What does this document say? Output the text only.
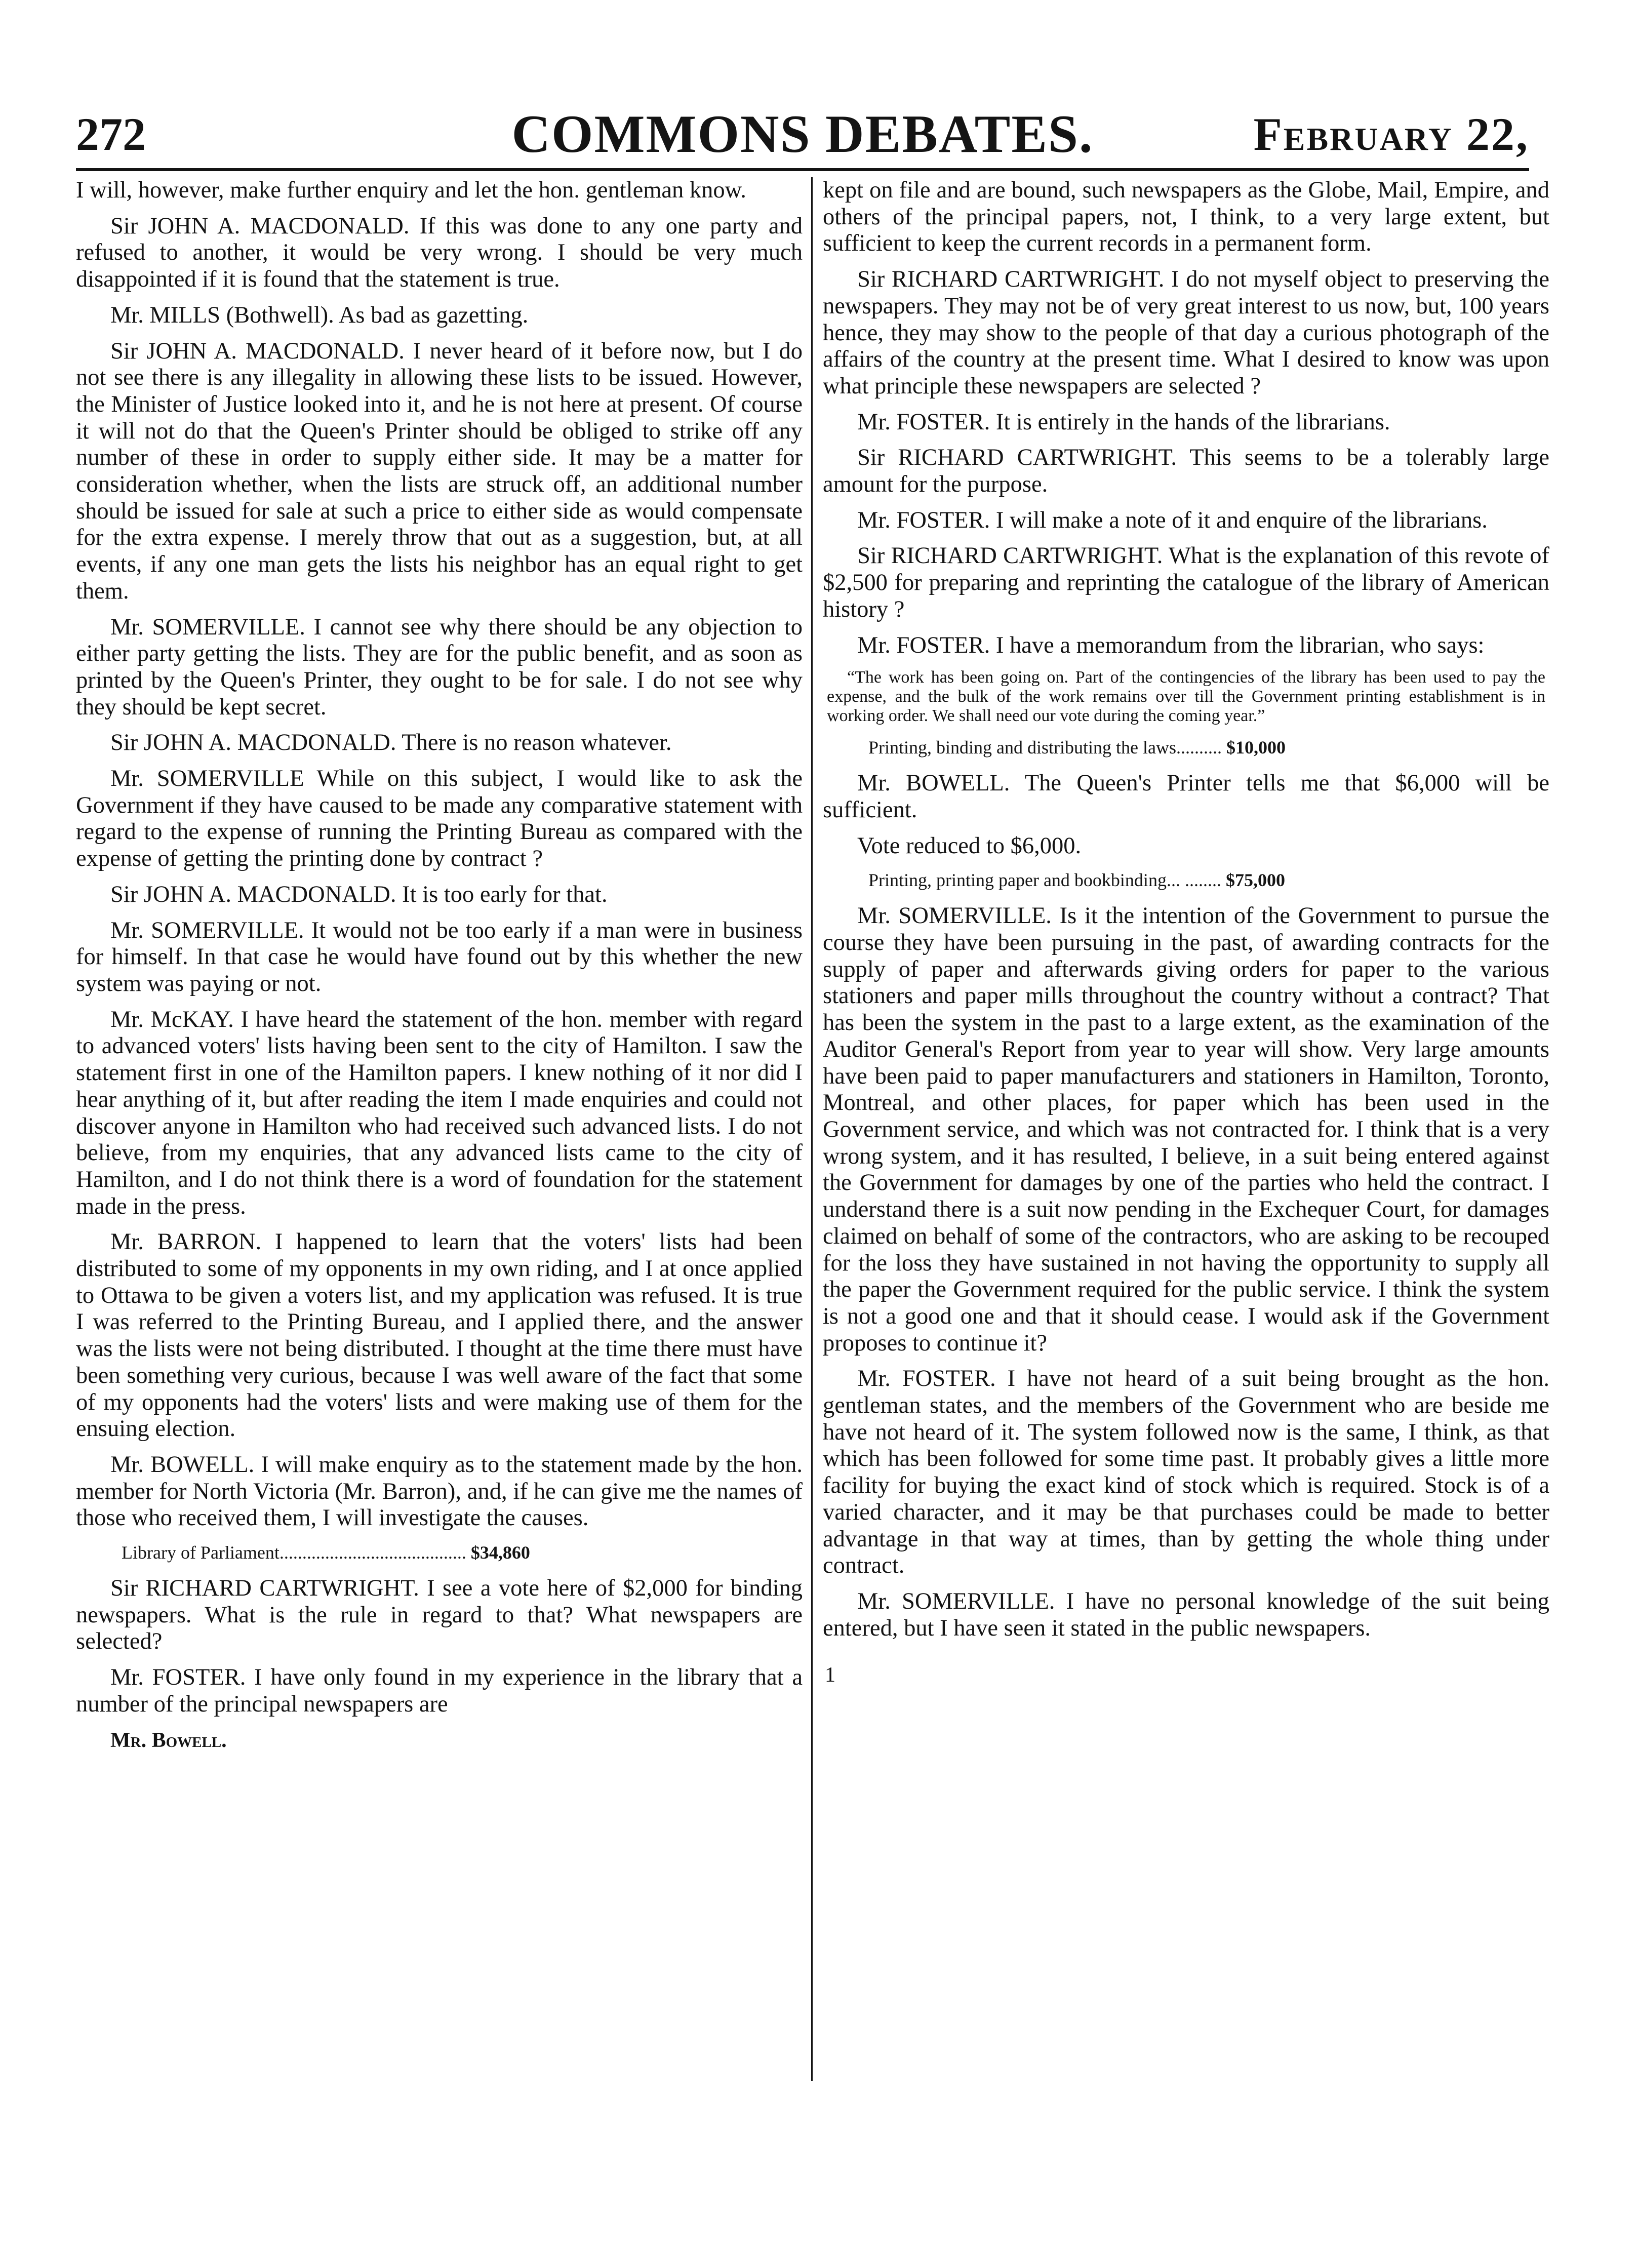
272	COMMONS DEBATES.	February 22,

I will, however, make further enquiry and let the hon. gentleman know.

Sir JOHN A. MACDONALD. If this was done to any one party and refused to another, it would be very wrong. I should be very much disappointed if it is found that the statement is true.

Mr. MILLS (Bothwell). As bad as gazetting.

Sir JOHN A. MACDONALD. I never heard of it before now, but I do not see there is any illegality in allowing these lists to be issued. However, the Minister of Justice looked into it, and he is not here at present. Of course it will not do that the Queen's Printer should be obliged to strike off any number of these in order to supply either side. It may be a matter for consideration whether, when the lists are struck off, an additional number should be issued for sale at such a price to either side as would compensate for the extra expense. I merely throw that out as a suggestion, but, at all events, if any one man gets the lists his neighbor has an equal right to get them.

Mr. SOMERVILLE. I cannot see why there should be any objection to either party getting the lists. They are for the public benefit, and as soon as printed by the Queen's Printer, they ought to be for sale. I do not see why they should be kept secret.

Sir JOHN A. MACDONALD. There is no reason whatever.

Mr. SOMERVILLE While on this subject, I would like to ask the Government if they have caused to be made any comparative statement with regard to the expense of running the Printing Bureau as compared with the expense of getting the printing done by contract ?

Sir JOHN A. MACDONALD. It is too early for that.

Mr. SOMERVILLE. It would not be too early if a man were in business for himself. In that case he would have found out by this whether the new system was paying or not.

Mr. McKAY. I have heard the statement of the hon. member with regard to advanced voters' lists having been sent to the city of Hamilton. I saw the statement first in one of the Hamilton papers. I knew nothing of it nor did I hear anything of it, but after reading the item I made enquiries and could not discover anyone in Hamilton who had received such advanced lists. I do not believe, from my enquiries, that any advanced lists came to the city of Hamilton, and I do not think there is a word of foundation for the statement made in the press.

Mr. BARRON. I happened to learn that the voters' lists had been distributed to some of my opponents in my own riding, and I at once applied to Ottawa to be given a voters list, and my application was refused. It is true I was referred to the Printing Bureau, and I applied there, and the answer was the lists were not being distributed. I thought at the time there must have been something very curious, because I was well aware of the fact that some of my opponents had the voters' lists and were making use of them for the ensuing election.

Mr. BOWELL. I will make enquiry as to the statement made by the hon. member for North Victoria (Mr. Barron), and, if he can give me the names of those who received them, I will investigate the causes.

Library of Parliament......................................... $34,860

Sir RICHARD CARTWRIGHT. I see a vote here of $2,000 for binding newspapers. What is the rule in regard to that? What newspapers are selected?

Mr. FOSTER. I have only found in my experience in the library that a number of the principal newspapers are

Mr. Bowell.

kept on file and are bound, such newspapers as the Globe, Mail, Empire, and others of the principal papers, not, I think, to a very large extent, but sufficient to keep the current records in a permanent form.

Sir RICHARD CARTWRIGHT. I do not myself object to preserving the newspapers. They may not be of very great interest to us now, but, 100 years hence, they may show to the people of that day a curious photograph of the affairs of the country at the present time. What I desired to know was upon what principle these newspapers are selected ?

Mr. FOSTER. It is entirely in the hands of the librarians.

Sir RICHARD CARTWRIGHT. This seems to be a tolerably large amount for the purpose.

Mr. FOSTER. I will make a note of it and enquire of the librarians.

Sir RICHARD CARTWRIGHT. What is the explanation of this revote of $2,500 for preparing and reprinting the catalogue of the library of American history ?

Mr. FOSTER. I have a memorandum from the librarian, who says:

“The work has been going on. Part of the contingencies of the library has been used to pay the expense, and the bulk of the work remains over till the Government printing establishment is in working order. We shall need our vote during the coming year.”
Printing, binding and distributing the laws.......... $10,000

Mr. BOWELL. The Queen's Printer tells me that $6,000 will be sufficient.

Vote reduced to $6,000.

Printing, printing paper and bookbinding... ........ $75,000

Mr. SOMERVILLE. Is it the intention of the Government to pursue the course they have been pursuing in the past, of awarding contracts for the supply of paper and afterwards giving orders for paper to the various stationers and paper mills throughout the country without a contract? That has been the system in the past to a large extent, as the examination of the Auditor General's Report from year to year will show. Very large amounts have been paid to paper manufacturers and stationers in Hamilton, Toronto, Montreal, and other places, for paper which has been used in the Government service, and which was not contracted for. I think that is a very wrong system, and it has resulted, I believe, in a suit being entered against the Government for damages by one of the parties who held the contract. I understand there is a suit now pending in the Exchequer Court, for damages claimed on behalf of some of the contractors, who are asking to be recouped for the loss they have sustained in not having the opportunity to supply all the paper the Government required for the public service. I think the system is not a good one and that it should cease. I would ask if the Government proposes to continue it?

Mr. FOSTER. I have not heard of a suit being brought as the hon. gentleman states, and the members of the Government who are beside me have not heard of it. The system followed now is the same, I think, as that which has been followed for some time past. It probably gives a little more facility for buying the exact kind of stock which is required. Stock is of a varied character, and it may be that purchases could be made to better advantage in that way at times, than by getting the whole thing under contract.

Mr. SOMERVILLE. I have no personal knowledge of the suit being entered, but I have seen it stated in the public newspapers.

1
